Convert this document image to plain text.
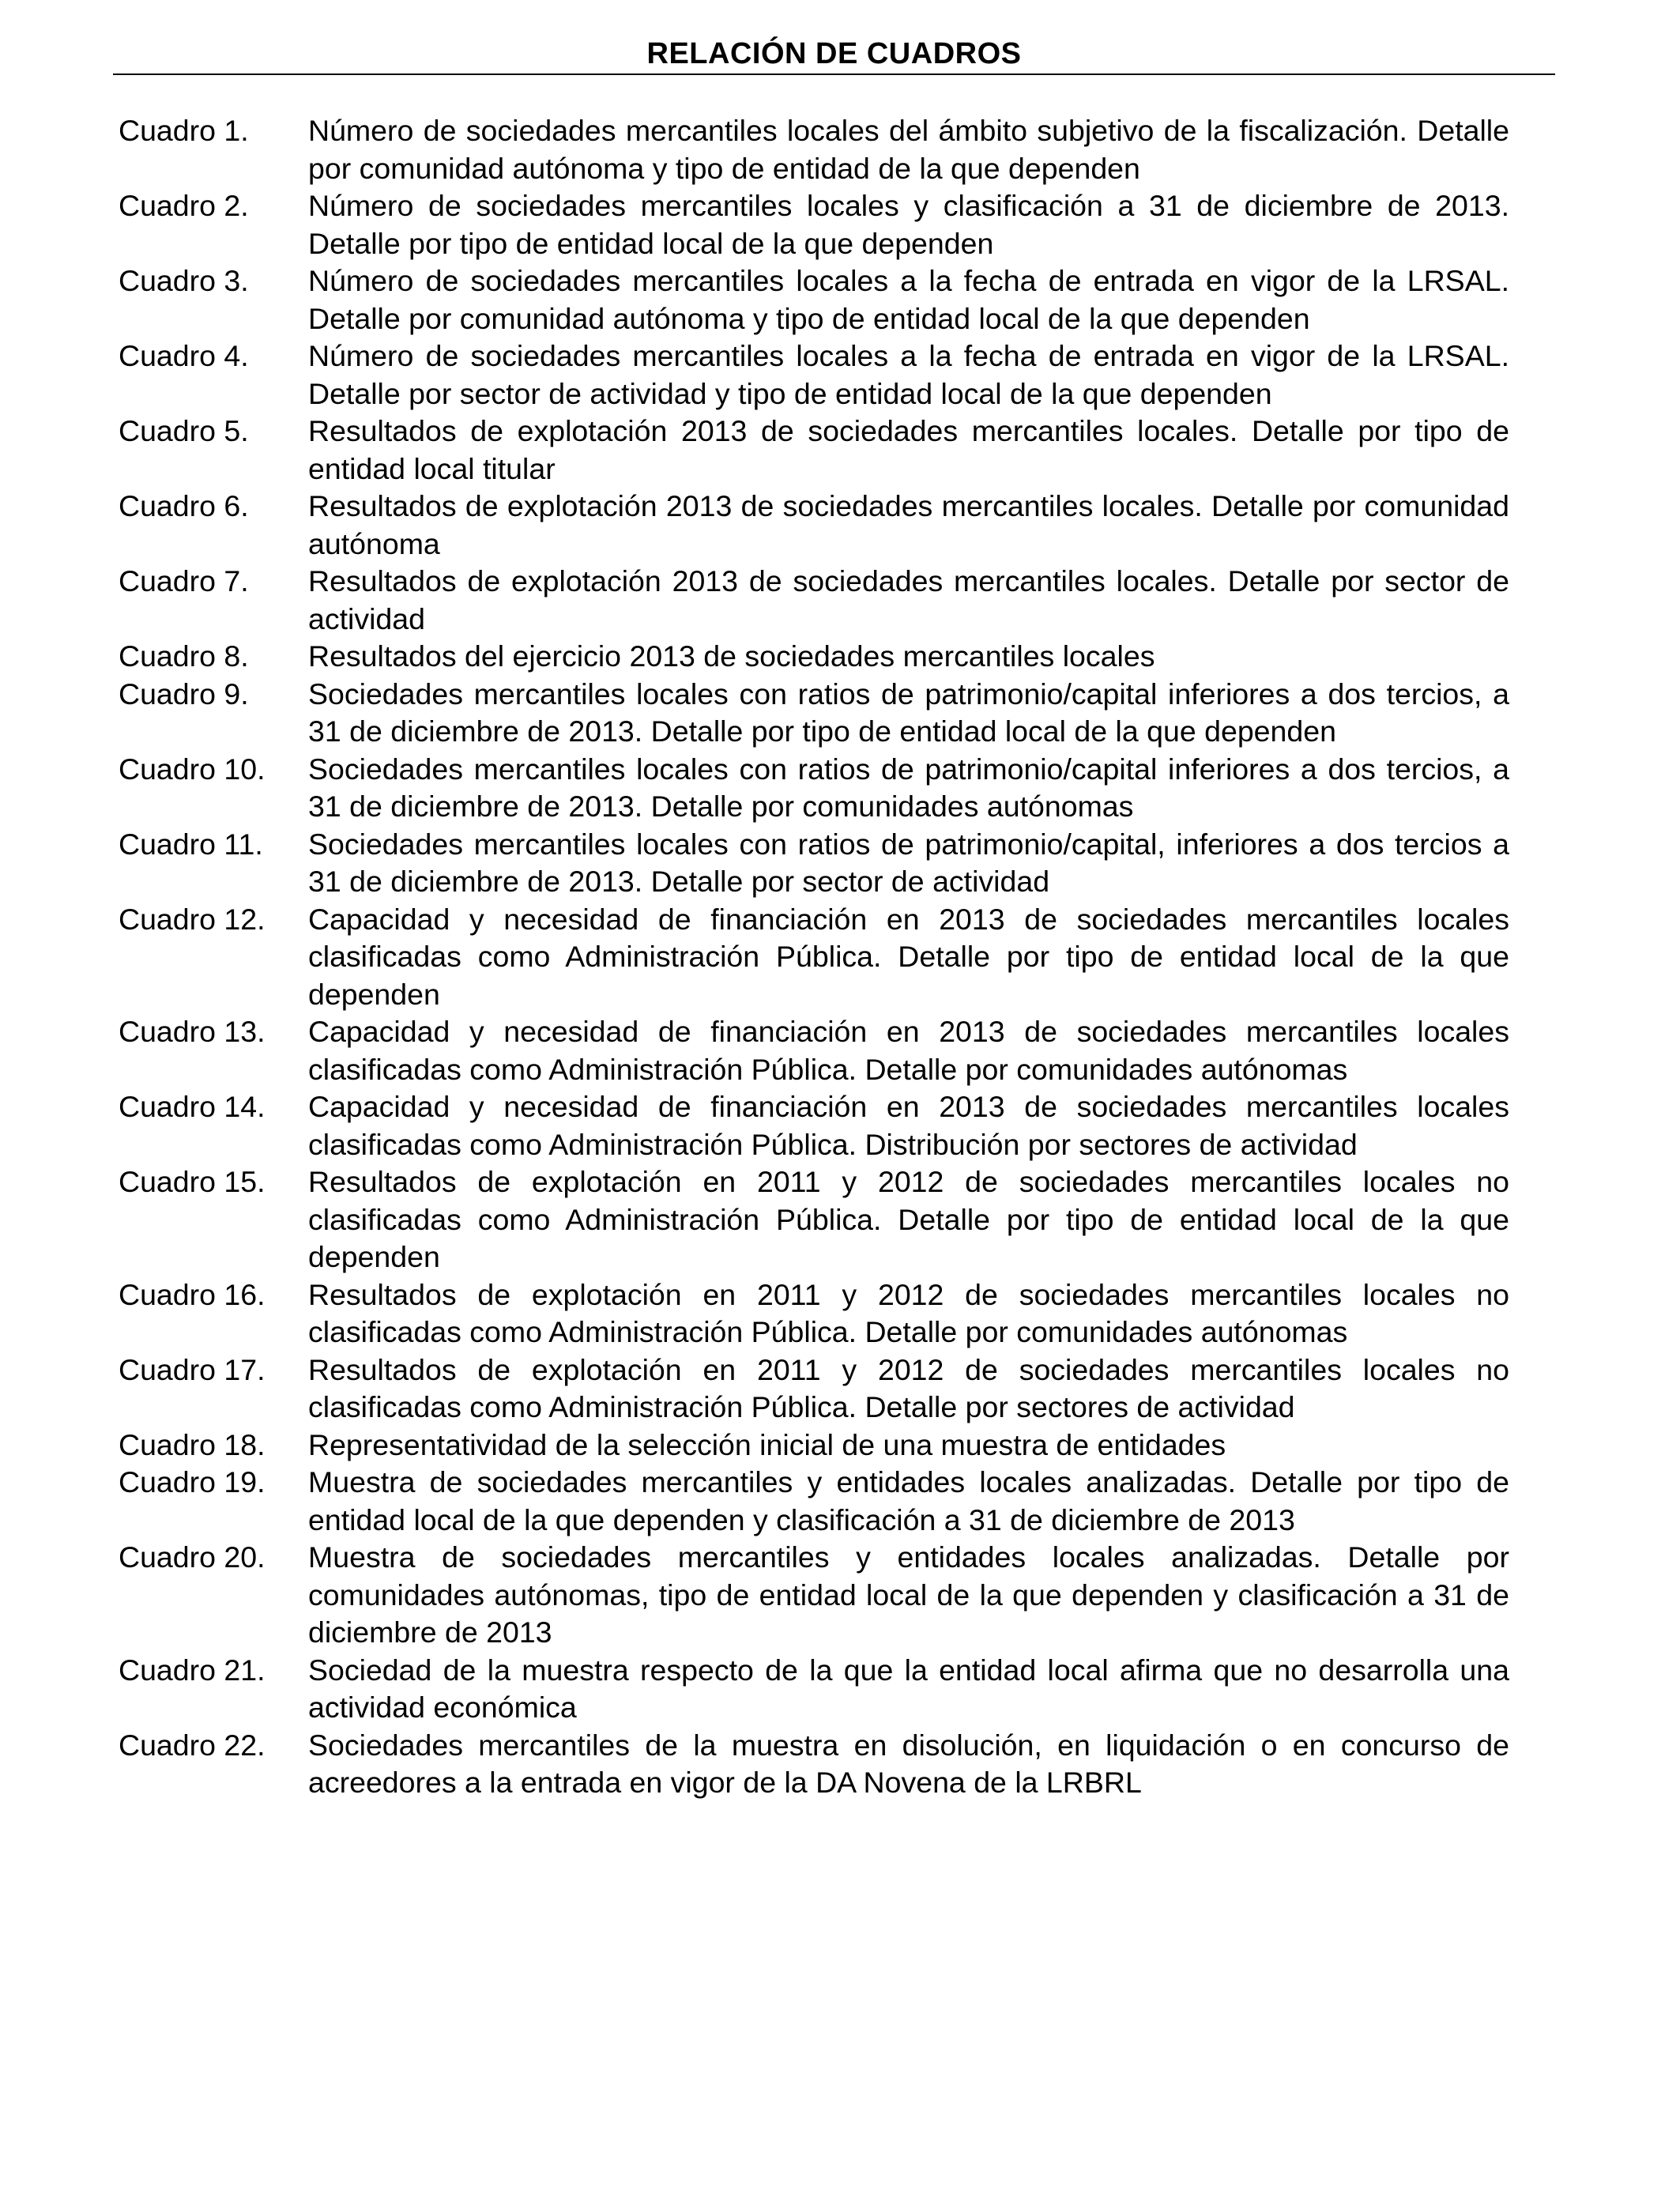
RELACIÓN DE CUADROS
Cuadro 1.	Número de sociedades mercantiles locales del ámbito subjetivo de la fiscalización. Detalle por comunidad autónoma y tipo de entidad de la que dependen
Cuadro 2.	Número de sociedades mercantiles locales y clasificación a 31 de diciembre de 2013. Detalle por tipo de entidad local de la que dependen
Cuadro 3.	Número de sociedades mercantiles locales a la fecha de entrada en vigor de la LRSAL. Detalle por comunidad autónoma y tipo de entidad local de la que dependen
Cuadro 4.	Número de sociedades mercantiles locales a la fecha de entrada en vigor de la LRSAL. Detalle por sector de actividad y tipo de entidad local de la que dependen
Cuadro 5.	Resultados de explotación 2013 de sociedades mercantiles locales. Detalle por tipo de entidad local titular
Cuadro 6.	Resultados de explotación 2013 de sociedades mercantiles locales. Detalle por comunidad autónoma
Cuadro 7.	Resultados de explotación 2013 de sociedades mercantiles locales. Detalle por sector de actividad
Cuadro 8.	Resultados del ejercicio 2013 de sociedades mercantiles locales
Cuadro 9.	Sociedades mercantiles locales con ratios de patrimonio/capital inferiores a dos tercios, a 31 de diciembre de 2013. Detalle por tipo de entidad local de la que dependen
Cuadro 10.	Sociedades mercantiles locales con ratios de patrimonio/capital inferiores a dos tercios, a 31 de diciembre de 2013. Detalle por comunidades autónomas
Cuadro 11.	Sociedades mercantiles locales con ratios de patrimonio/capital, inferiores a dos tercios a 31 de diciembre de 2013. Detalle por sector de actividad
Cuadro 12.	Capacidad y necesidad de financiación en 2013 de sociedades mercantiles locales clasificadas como Administración Pública. Detalle por tipo de entidad local de la que dependen
Cuadro 13.	Capacidad y necesidad de financiación en 2013 de sociedades mercantiles locales clasificadas como Administración Pública. Detalle por comunidades autónomas
Cuadro 14.	Capacidad y necesidad de financiación en 2013 de sociedades mercantiles locales clasificadas como Administración Pública. Distribución por sectores de actividad
Cuadro 15.	Resultados de explotación en 2011 y 2012 de sociedades mercantiles locales no clasificadas como Administración Pública. Detalle por tipo de entidad local de la que dependen
Cuadro 16.	Resultados de explotación en 2011 y 2012 de sociedades mercantiles locales no clasificadas como Administración Pública. Detalle por comunidades autónomas
Cuadro 17.	Resultados de explotación en 2011 y 2012 de sociedades mercantiles locales no clasificadas como Administración Pública. Detalle por sectores de actividad
Cuadro 18.	Representatividad de la selección inicial de una muestra de entidades
Cuadro 19.	Muestra de sociedades mercantiles y entidades locales analizadas. Detalle por tipo de entidad local de la que dependen y clasificación a 31 de diciembre de 2013
Cuadro 20.	Muestra de sociedades mercantiles y entidades locales analizadas. Detalle por comunidades autónomas, tipo de entidad local de la que dependen y clasificación a 31 de diciembre de 2013
Cuadro 21.	Sociedad de la muestra respecto de la que la entidad local afirma que no desarrolla una actividad económica
Cuadro 22.	Sociedades mercantiles de la muestra en disolución, en liquidación o en concurso de acreedores a la entrada en vigor de la DA Novena de la LRBRL
